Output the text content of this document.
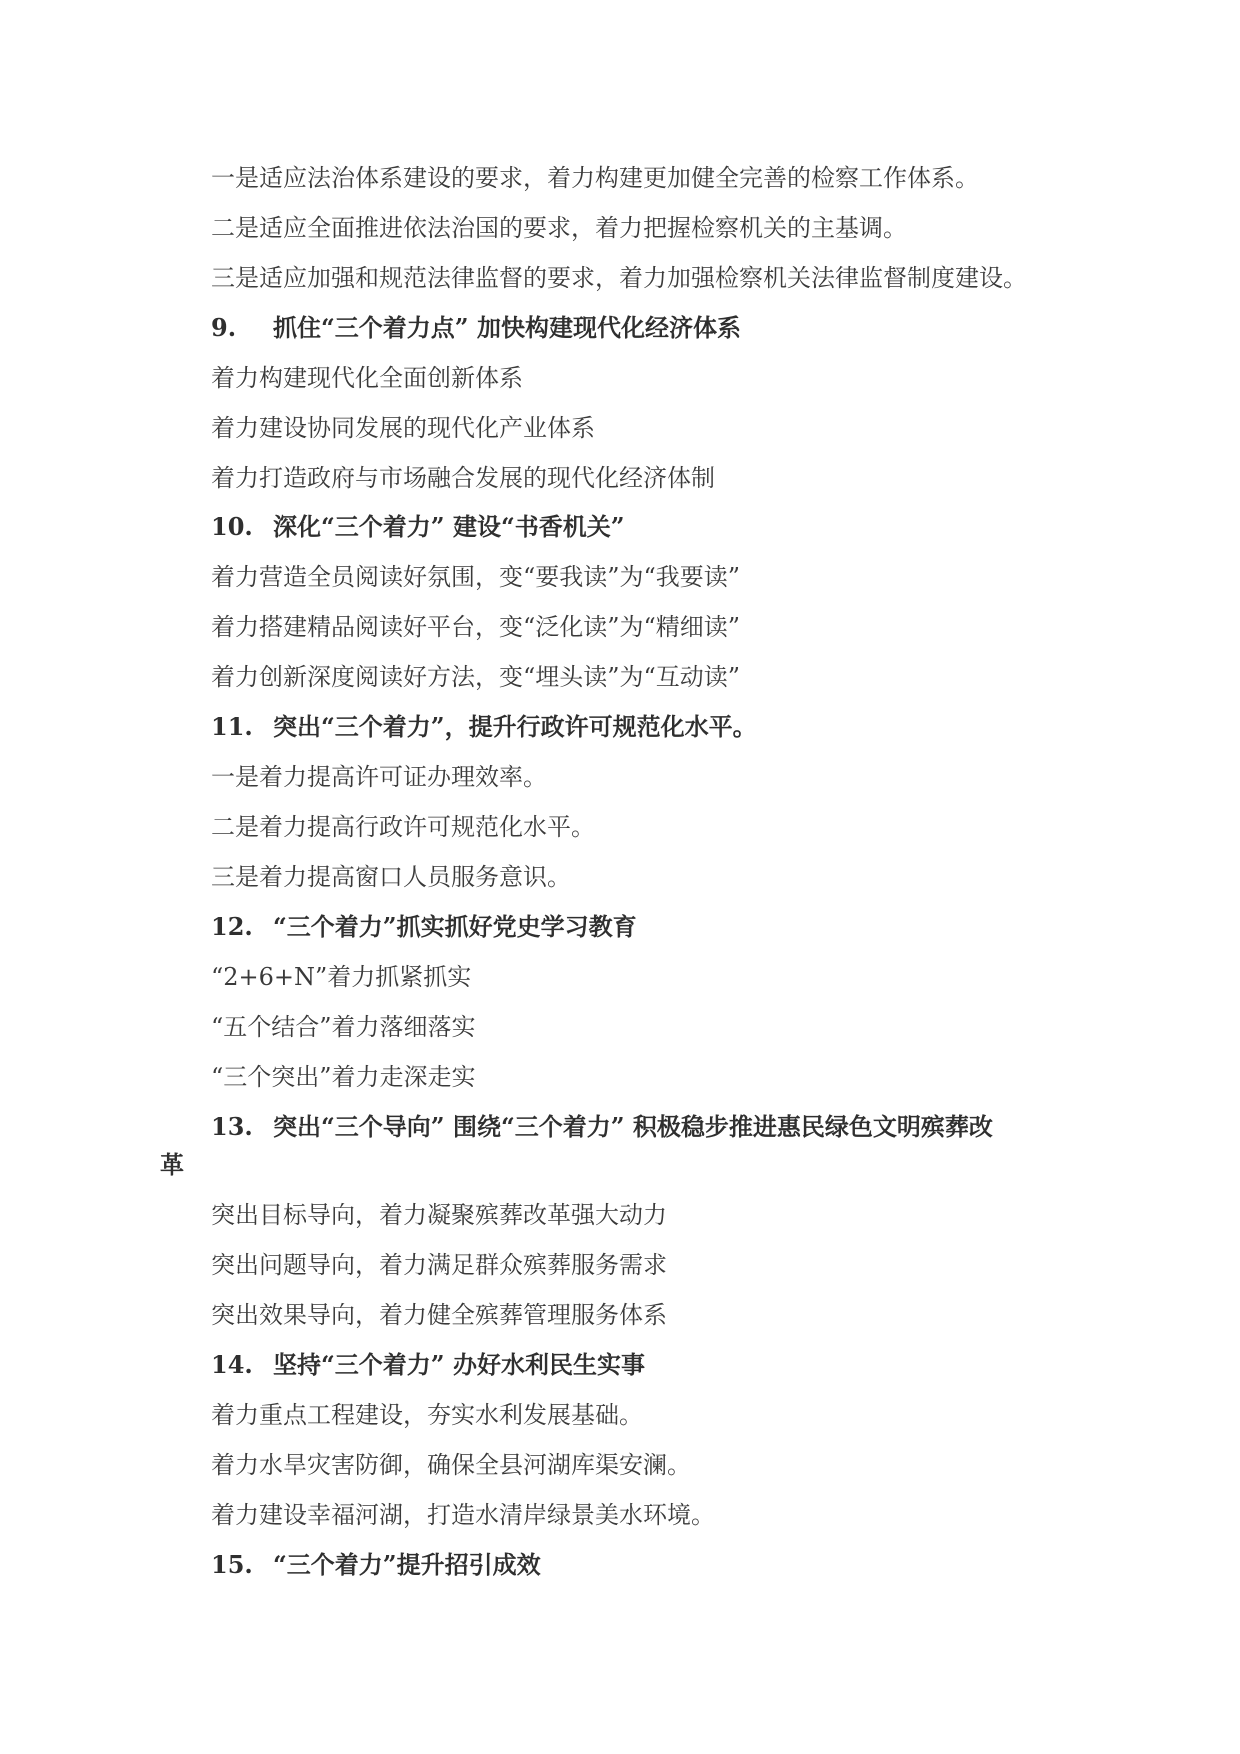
一是适应法治体系建设的要求，着力构建更加健全完善的检察工作体系。
二是适应全面推进依法治国的要求，着力把握检察机关的主基调。
三是适应加强和规范法律监督的要求，着力加强检察机关法律监督制度建设。
9. 抓住“三个着力点” 加快构建现代化经济体系
着力构建现代化全面创新体系
着力建设协同发展的现代化产业体系
着力打造政府与市场融合发展的现代化经济体制
10. 深化“三个着力” 建设“书香机关”
着力营造全员阅读好氛围，变“要我读”为“我要读”
着力搭建精品阅读好平台，变“泛化读”为“精细读”
着力创新深度阅读好方法，变“埋头读”为“互动读”
11. 突出“三个着力”，提升行政许可规范化水平。
一是着力提高许可证办理效率。
二是着力提高行政许可规范化水平。
三是着力提高窗口人员服务意识。
12. “三个着力”抓实抓好党史学习教育
“2+6+N”着力抓紧抓实
“五个结合”着力落细落实
“三个突出”着力走深走实
13. 突出“三个导向” 围绕“三个着力” 积极稳步推进惠民绿色文明殡葬改
革
突出目标导向，着力凝聚殡葬改革强大动力
突出问题导向，着力满足群众殡葬服务需求
突出效果导向，着力健全殡葬管理服务体系
14. 坚持“三个着力” 办好水利民生实事
着力重点工程建设，夯实水利发展基础。
着力水旱灾害防御，确保全县河湖库渠安澜。
着力建设幸福河湖，打造水清岸绿景美水环境。
15. “三个着力”提升招引成效
